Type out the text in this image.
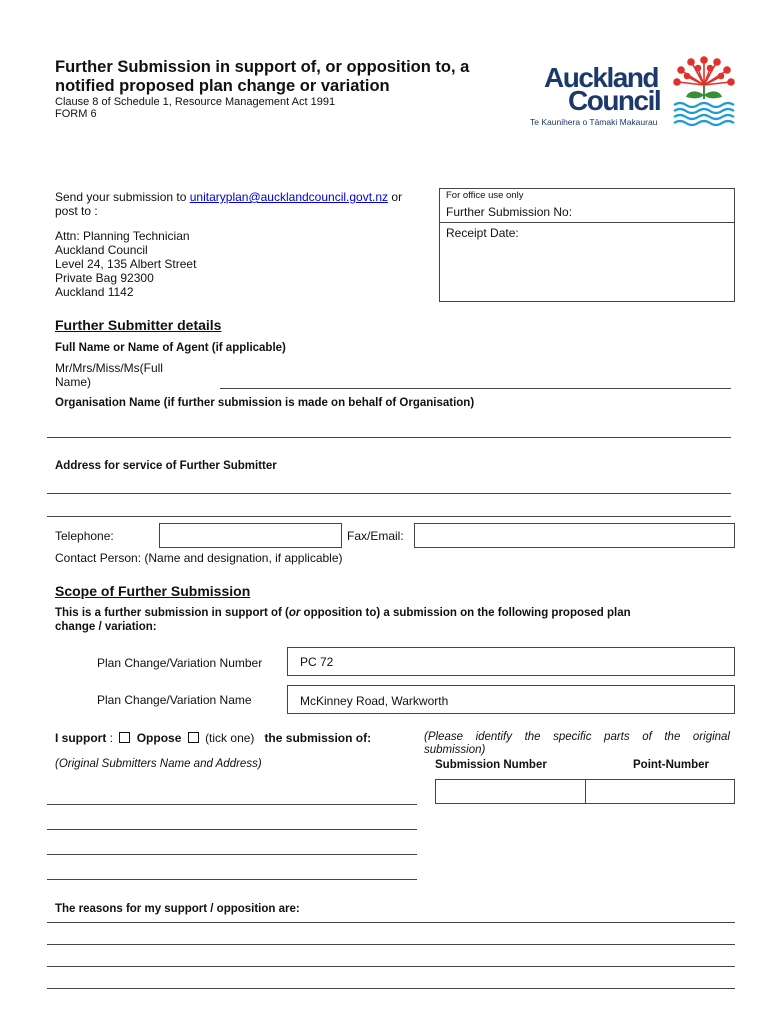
Further Submission in support of, or opposition to, a
notified proposed plan change or variation
Clause 8 of Schedule 1, Resource Management Act 1991
FORM 6
Auckland
Council
Te Kaunihera o Tāmaki Makaurau
Send your submission to unitaryplan@aucklandcouncil.govt.nz or
post to :
Attn: Planning Technician
Auckland Council
Level 24, 135 Albert Street
Private Bag 92300
Auckland 1142
For office use only
Further Submission No:
Receipt Date:
Further Submitter details
Full Name or Name of Agent (if applicable)
Mr/Mrs/Miss/Ms(Full
Name)
Organisation Name (if further submission is made on behalf of Organisation)
Address for service of Further Submitter
Telephone:	Fax/Email:
Contact Person: (Name and designation, if applicable)
Scope of Further Submission
This is a further submission in support of (or opposition to) a submission on the following proposed plan
change / variation:
Plan Change/Variation Number	PC 72
Plan Change/Variation Name	McKinney Road, Warkworth
I support : Oppose (tick one) the submission of:	(Please identify the specific parts of the original
submission)
(Original Submitters Name and Address)	Submission Number	Point-Number
The reasons for my support / opposition are:
